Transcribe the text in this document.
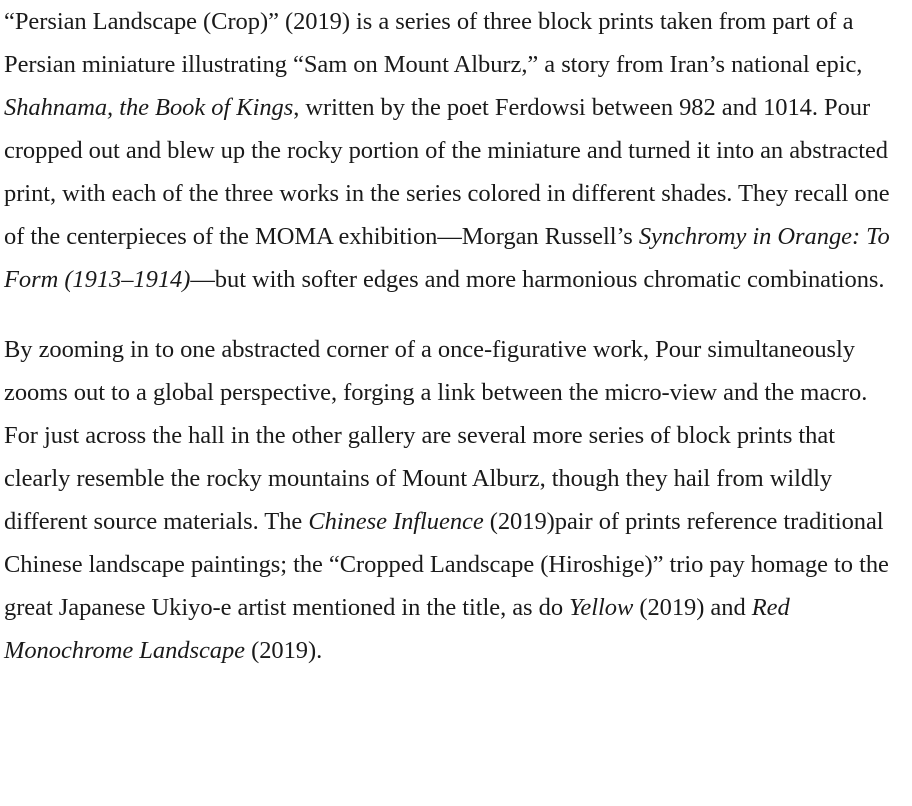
“Persian Landscape (Crop)” (2019) is a series of three block prints taken from part of a Persian miniature illustrating “Sam on Mount Alburz,” a story from Iran’s national epic, Shahnama, the Book of Kings, written by the poet Ferdowsi between 982 and 1014. Pour cropped out and blew up the rocky portion of the miniature and turned it into an abstracted print, with each of the three works in the series colored in different shades. They recall one of the centerpieces of the MOMA exhibition—Morgan Russell’s Synchromy in Orange: To Form (1913–1914)—but with softer edges and more harmonious chromatic combinations.

By zooming in to one abstracted corner of a once-figurative work, Pour simultaneously zooms out to a global perspective, forging a link between the micro-view and the macro. For just across the hall in the other gallery are several more series of block prints that clearly resemble the rocky mountains of Mount Alburz, though they hail from wildly different source materials. The Chinese Influence (2019)pair of prints reference traditional Chinese landscape paintings; the “Cropped Landscape (Hiroshige)” trio pay homage to the great Japanese Ukiyo-e artist mentioned in the title, as do Yellow (2019) and Red Monochrome Landscape (2019).
